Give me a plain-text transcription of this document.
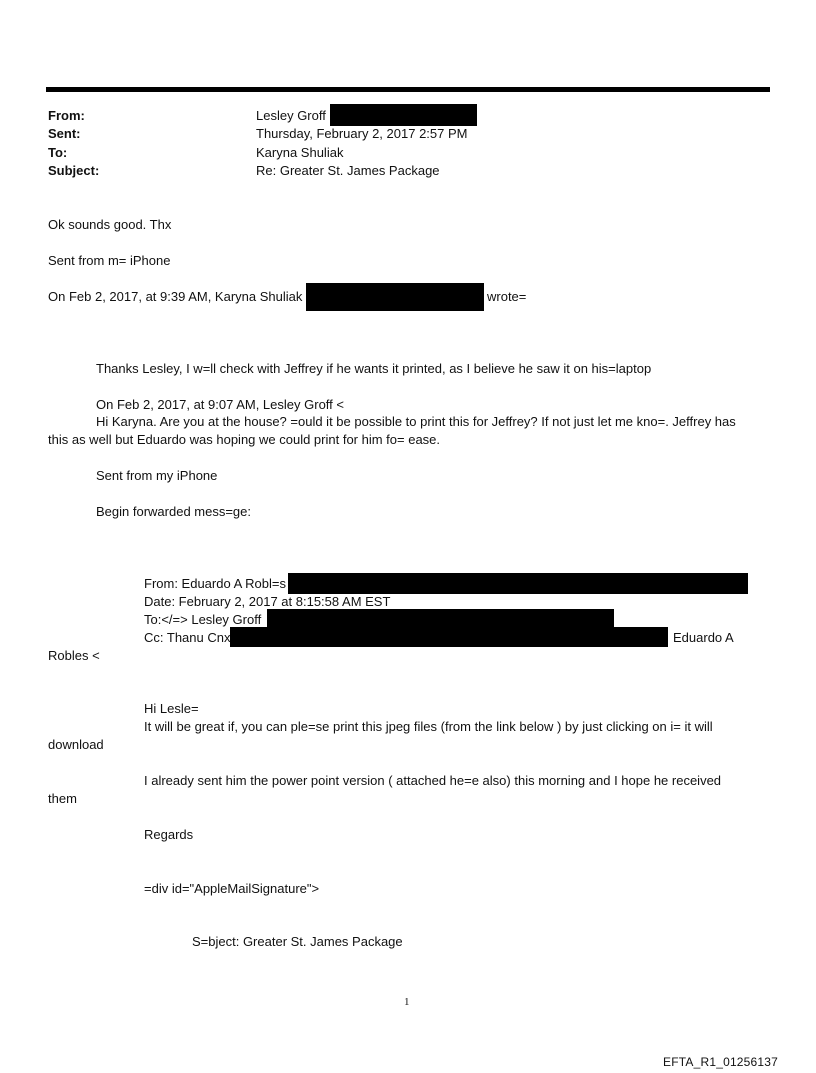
From:	Lesley Groff
Sent:	Thursday, February 2, 2017 2:57 PM
To:	Karyna Shuliak
Subject:	Re: Greater St. James Package
Ok sounds good. Thx
Sent from m= iPhone
On Feb 2, 2017, at 9:39 AM, Karyna Shuliak	wrote=
Thanks Lesley, I w=ll check with Jeffrey if he wants it printed, as I believe he saw it on his=laptop
On Feb 2, 2017, at 9:07 AM, Lesley Groff <
Hi Karyna. Are you at the house? =ould it be possible to print this for Jeffrey? If not just let me kno=. Jeffrey has
this as well but Eduardo was hoping we could print for him fo= ease.
Sent from my iPhone
Begin forwarded mess=ge:
From: Eduardo A Robl=s
Date: February 2, 2017 at 8:15:58 AM EST
To:</=> Lesley Groff
Cc: Thanu Cnx	Eduardo A
Robles <
Hi Lesle=
It will be great if, you can ple=se print this jpeg files (from the link below ) by just clicking on i= it will
download
I already sent him the power point version ( attached he=e also) this morning and I hope he received
them
Regards
=div id="AppleMailSignature">
S=bject: Greater St. James Package
1
EFTA_R1_01256137
